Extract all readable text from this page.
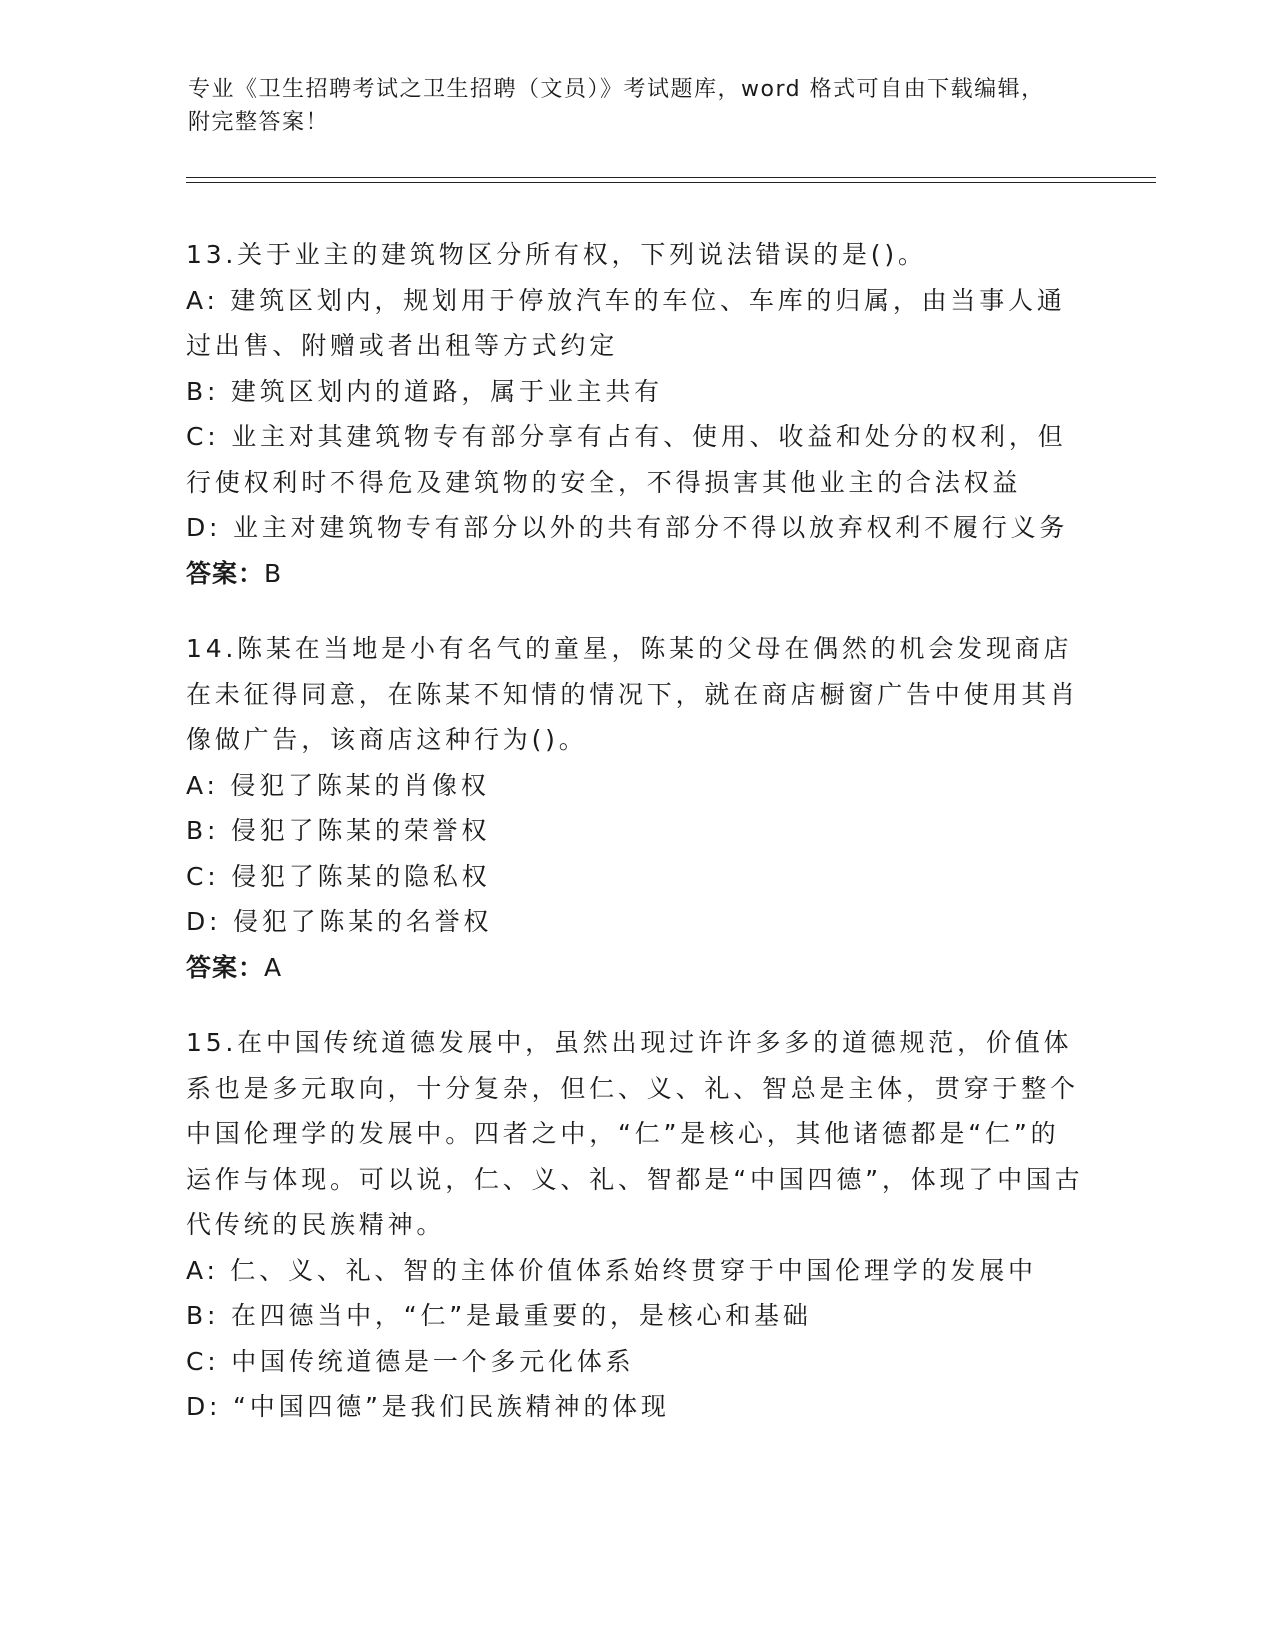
专业《卫生招聘考试之卫生招聘（文员）》考试题库，word 格式可自由下载编辑，附完整答案！
13.关于业主的建筑物区分所有权，下列说法错误的是()。
A: 建筑区划内，规划用于停放汽车的车位、车库的归属，由当事人通过出售、附赠或者出租等方式约定
B: 建筑区划内的道路，属于业主共有
C: 业主对其建筑物专有部分享有占有、使用、收益和处分的权利，但行使权利时不得危及建筑物的安全，不得损害其他业主的合法权益
D: 业主对建筑物专有部分以外的共有部分不得以放弃权利不履行义务
答案：B
14.陈某在当地是小有名气的童星，陈某的父母在偶然的机会发现商店在未征得同意，在陈某不知情的情况下，就在商店橱窗广告中使用其肖像做广告，该商店这种行为()。
A: 侵犯了陈某的肖像权
B: 侵犯了陈某的荣誉权
C: 侵犯了陈某的隐私权
D: 侵犯了陈某的名誉权
答案：A
15.在中国传统道德发展中，虽然出现过许许多多的道德规范，价值体系也是多元取向，十分复杂，但仁、义、礼、智总是主体，贯穿于整个中国伦理学的发展中。四者之中，“仁”是核心，其他诸德都是“仁”的运作与体现。可以说，仁、义、礼、智都是“中国四德”，体现了中国古代传统的民族精神。
A: 仁、义、礼、智的主体价值体系始终贯穿于中国伦理学的发展中
B: 在四德当中，“仁”是最重要的，是核心和基础
C: 中国传统道德是一个多元化体系
D: “中国四德”是我们民族精神的体现
